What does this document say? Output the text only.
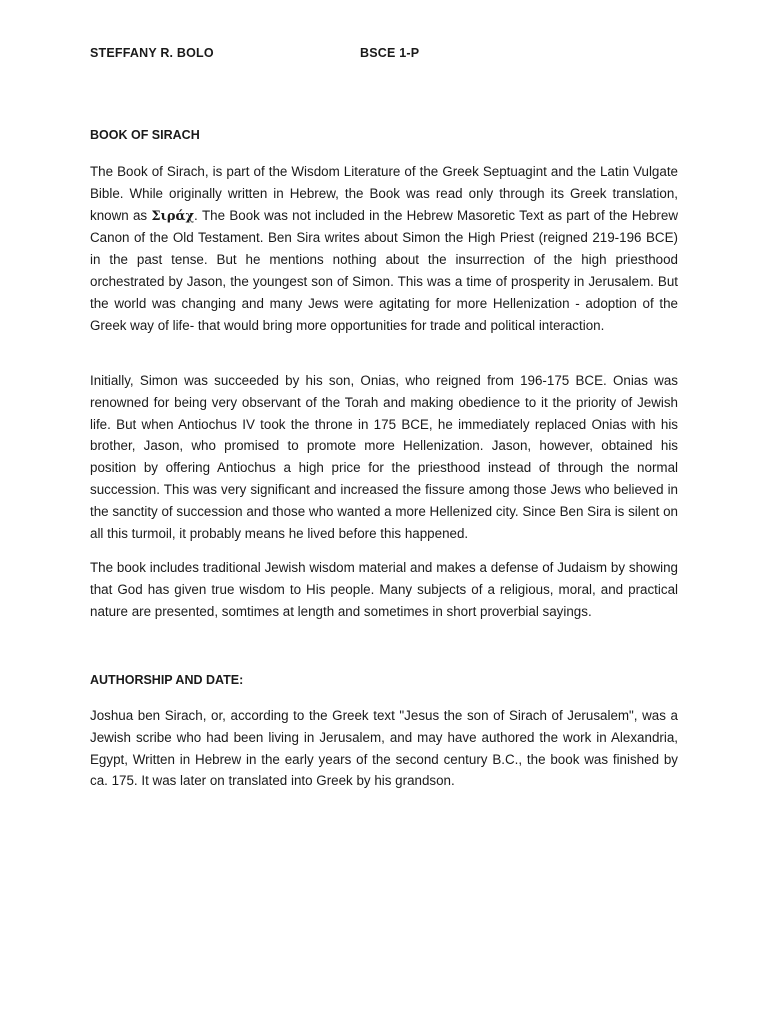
STEFFANY R. BOLO	BSCE 1-P

BOOK OF SIRACH

The Book of Sirach, is part of the Wisdom Literature of the Greek Septuagint and the Latin Vulgate Bible. While originally written in Hebrew, the Book was read only through its Greek translation, known as Σιράχ. The Book was not included in the Hebrew Masoretic Text as part of the Hebrew Canon of the Old Testament. Ben Sira writes about Simon the High Priest (reigned 219-196 BCE) in the past tense. But he mentions nothing about the insurrection of the high priesthood orchestrated by Jason, the youngest son of Simon. This was a time of prosperity in Jerusalem. But the world was changing and many Jews were agitating for more Hellenization - adoption of the Greek way of life- that would bring more opportunities for trade and political interaction.

Initially, Simon was succeeded by his son, Onias, who reigned from 196-175 BCE. Onias was renowned for being very observant of the Torah and making obedience to it the priority of Jewish life. But when Antiochus IV took the throne in 175 BCE, he immediately replaced Onias with his brother, Jason, who promised to promote more Hellenization. Jason, however, obtained his position by offering Antiochus a high price for the priesthood instead of through the normal succession. This was very significant and increased the fissure among those Jews who believed in the sanctity of succession and those who wanted a more Hellenized city. Since Ben Sira is silent on all this turmoil, it probably means he lived before this happened.

The book includes traditional Jewish wisdom material and makes a defense of Judaism by showing that God has given true wisdom to His people. Many subjects of a religious, moral, and practical nature are presented, somtimes at length and sometimes in short proverbial sayings.

AUTHORSHIP AND DATE:

Joshua ben Sirach, or, according to the Greek text "Jesus the son of Sirach of Jerusalem", was a Jewish scribe who had been living in Jerusalem, and may have authored the work in Alexandria, Egypt, Written in Hebrew in the early years of the second century B.C., the book was finished by ca. 175. It was later on translated into Greek by his grandson.
